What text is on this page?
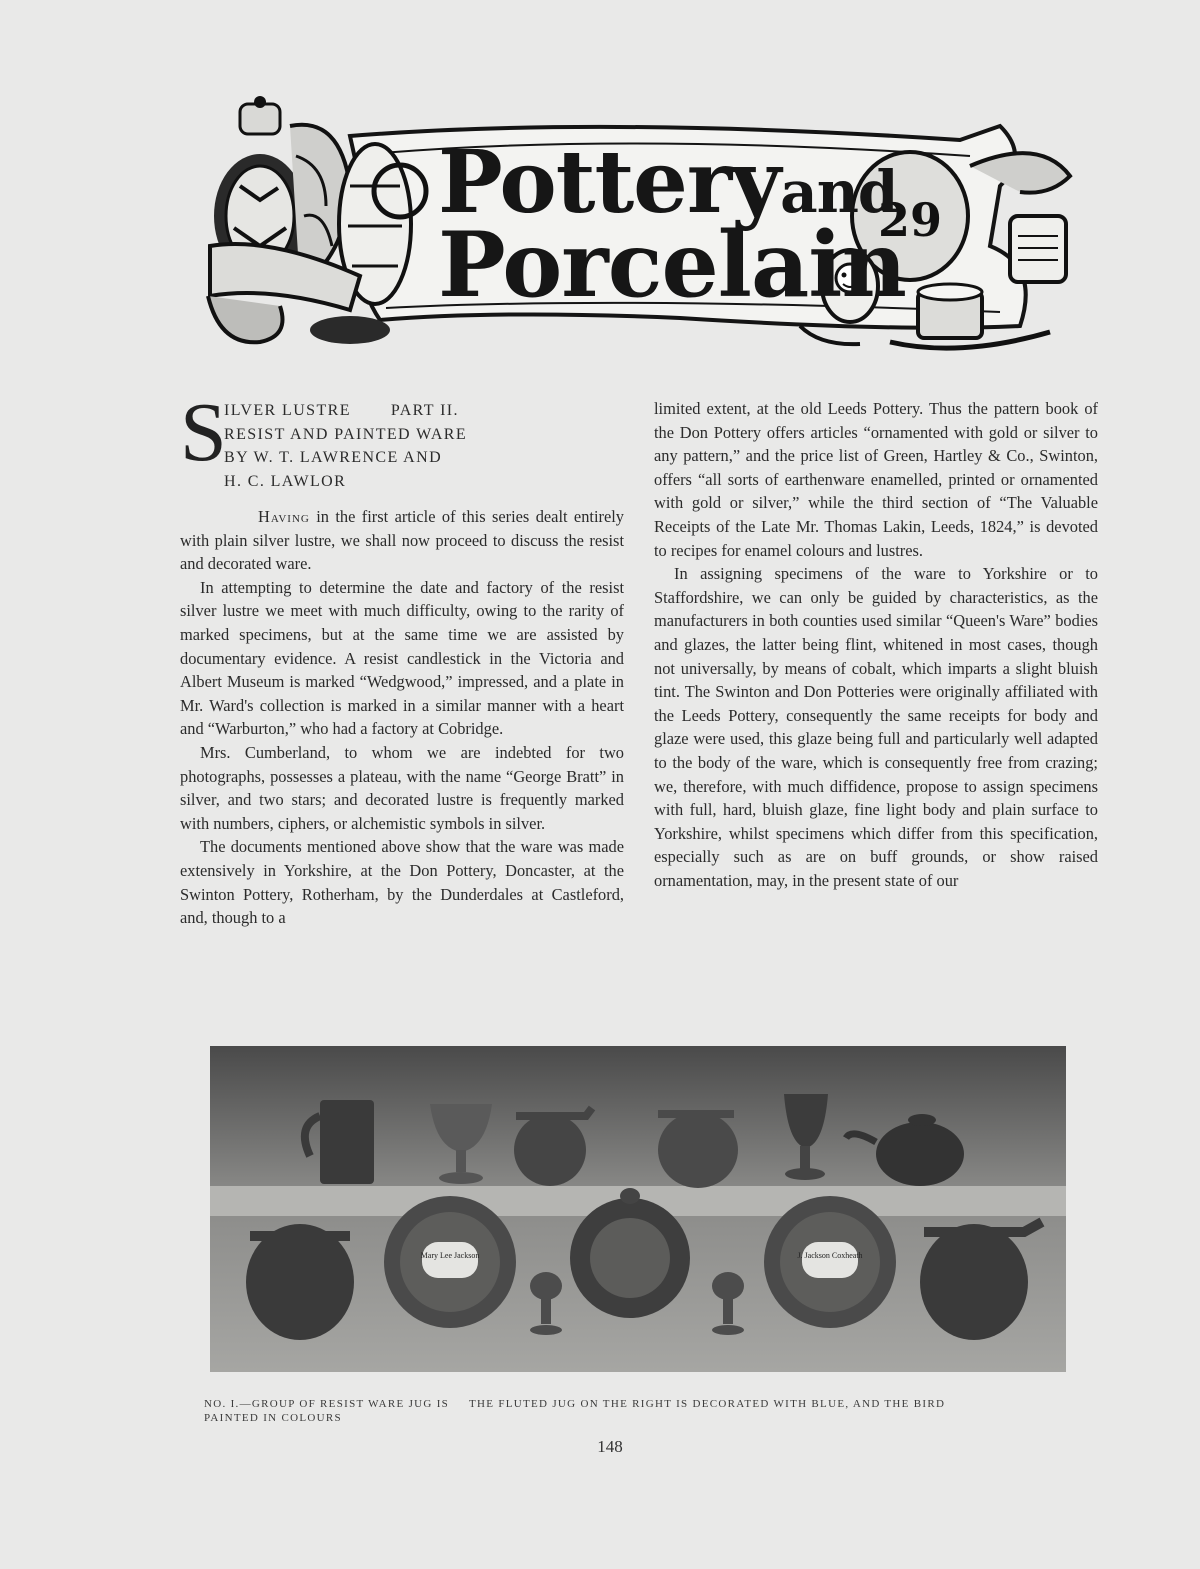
29
Potteryand
Porcelain
S
ILVER LUSTRE	PART II.
RESIST AND PAINTED WARE
BY W. T. LAWRENCE AND
H. C. LAWLOR

Having in the first article of this series dealt entirely with plain silver lustre, we shall now proceed to discuss the resist and decorated ware.

In attempting to determine the date and factory of the resist silver lustre we meet with much difficulty, owing to the rarity of marked specimens, but at the same time we are assisted by documentary evidence. A resist candlestick in the Victoria and Albert Museum is marked “Wedgwood,” impressed, and a plate in Mr. Ward's collection is marked in a similar manner with a heart and “Warburton,” who had a factory at Cobridge.

Mrs. Cumberland, to whom we are indebted for two photographs, possesses a plateau, with the name “George Bratt” in silver, and two stars; and decorated lustre is frequently marked with numbers, ciphers, or alchemistic symbols in silver.

The documents mentioned above show that the ware was made extensively in Yorkshire, at the Don Pottery, Doncaster, at the Swinton Pottery, Rotherham, by the Dunderdales at Castleford, and, though to a

limited extent, at the old Leeds Pottery. Thus the pattern book of the Don Pottery offers articles “ornamented with gold or silver to any pattern,” and the price list of Green, Hartley & Co., Swinton, offers “all sorts of earthenware enamelled, printed or ornamented with gold or silver,” while the third section of “The Valuable Receipts of the Late Mr. Thomas Lakin, Leeds, 1824,” is devoted to recipes for enamel colours and lustres.

In assigning specimens of the ware to Yorkshire or to Staffordshire, we can only be guided by characteristics, as the manufacturers in both counties used similar “Queen's Ware” bodies and glazes, the latter being flint, whitened in most cases, though not universally, by means of cobalt, which imparts a slight bluish tint. The Swinton and Don Potteries were originally affiliated with the Leeds Pottery, consequently the same receipts for body and glaze were used, this glaze being full and particularly well adapted to the body of the ware, which is consequently free from crazing; we, therefore, with much diffidence, propose to assign specimens with full, hard, bluish glaze, fine light body and plain surface to Yorkshire, whilst specimens which differ from this specification, especially such as are on buff grounds, or show raised ornamentation, may, in the present state of our

Mary Lee Jackson	J. Jackson Coxheath
NO. I.—GROUP OF RESIST WARE JUG IS PAINTED IN COLOURS
THE FLUTED JUG ON THE RIGHT IS DECORATED WITH BLUE, AND THE BIRD
148
